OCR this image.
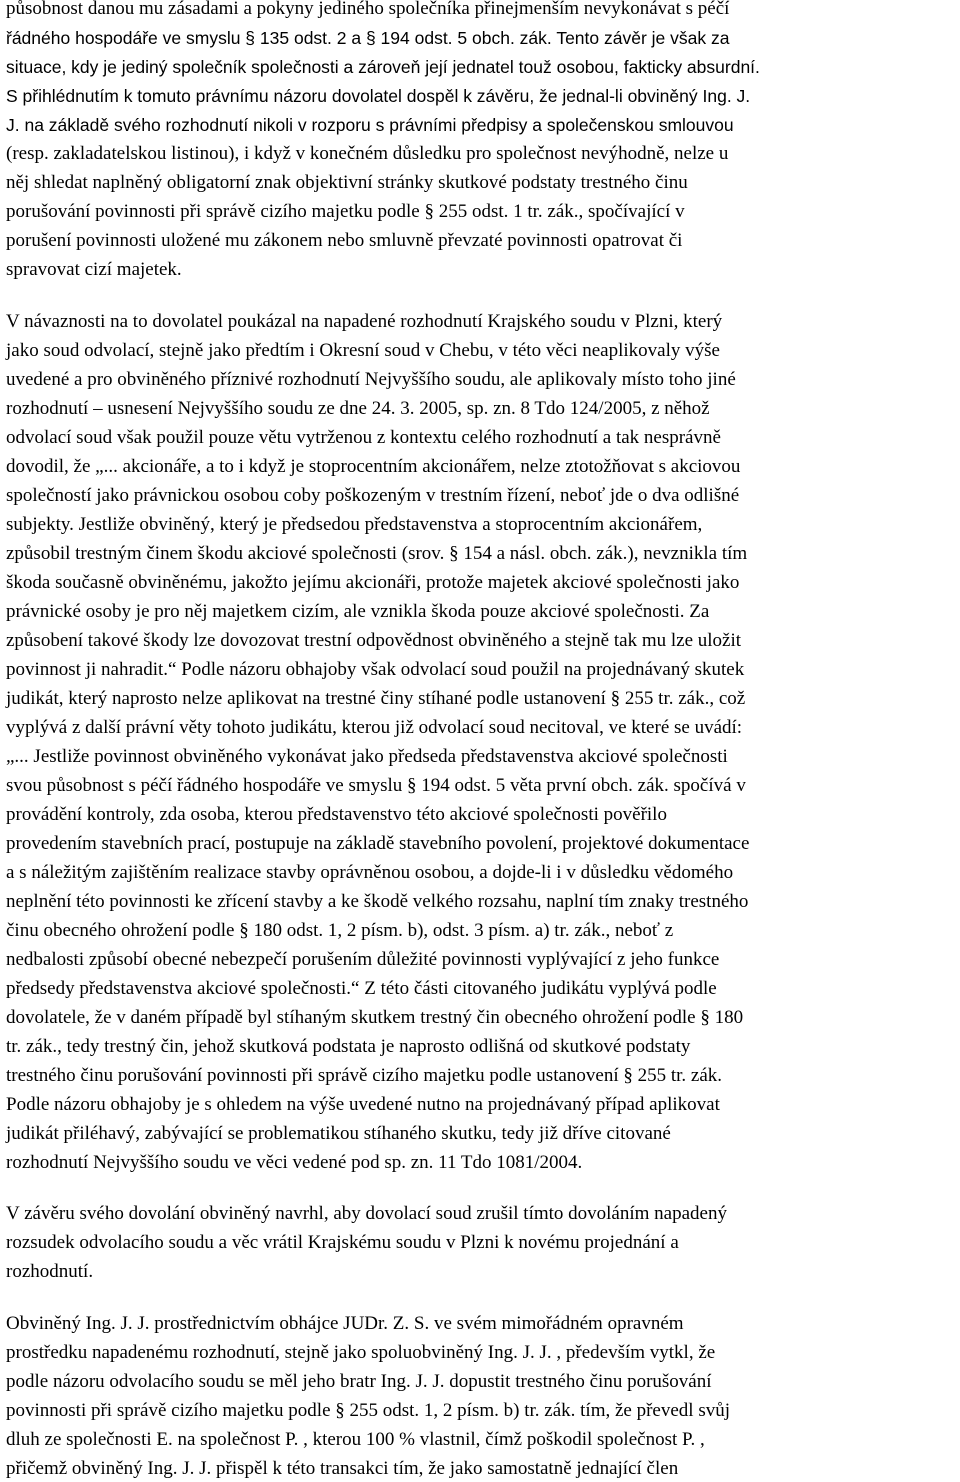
působnost danou mu zásadami a pokyny jediného společníka přinejmenším nevykonávat s péčí
řádného hospodáře ve smyslu § 135 odst. 2 a § 194 odst. 5 obch. zák. Tento závěr je však za
situace, kdy je jediný společník společnosti a zároveň její jednatel touž osobou, fakticky absurdní.
S přihlédnutím k tomuto právnímu názoru dovolatel dospěl k závěru, že jednal-li obviněný Ing. J.
J. na základě svého rozhodnutí nikoli v rozporu s právními předpisy a společenskou smlouvou
(resp. zakladatelskou listinou), i když v konečném důsledku pro společnost nevýhodně, nelze u
něj shledat naplněný obligatorní znak objektivní stránky skutkové podstaty trestného činu
porušování povinnosti při správě cizího majetku podle § 255 odst. 1 tr. zák., spočívající v
porušení povinnosti uložené mu zákonem nebo smluvně převzaté povinnosti opatrovat či
spravovat cizí majetek.
V návaznosti na to dovolatel poukázal na napadené rozhodnutí Krajského soudu v Plzni, který
jako soud odvolací, stejně jako předtím i Okresní soud v Chebu, v této věci neaplikovaly výše
uvedené a pro obviněného příznivé rozhodnutí Nejvyššího soudu, ale aplikovaly místo toho jiné
rozhodnutí – usnesení Nejvyššího soudu ze dne 24. 3. 2005, sp. zn. 8 Tdo 124/2005, z něhož
odvolací soud však použil pouze větu vytrženou z kontextu celého rozhodnutí a tak nesprávně
dovodil, že „... akcionáře, a to i když je stoprocentním akcionářem, nelze ztotožňovat s akciovou
společností jako právnickou osobou coby poškozeným v trestním řízení, neboť jde o dva odlišné
subjekty. Jestliže obviněný, který je předsedou představenstva a stoprocentním akcionářem,
způsobil trestným činem škodu akciové společnosti (srov. § 154 a násl. obch. zák.), nevznikla tím
škoda současně obviněnému, jakožto jejímu akcionáři, protože majetek akciové společnosti jako
právnické osoby je pro něj majetkem cizím, ale vznikla škoda pouze akciové společnosti. Za
způsobení takové škody lze dovozovat trestní odpovědnost obviněného a stejně tak mu lze uložit
povinnost ji nahradit.“ Podle názoru obhajoby však odvolací soud použil na projednávaný skutek
judikát, který naprosto nelze aplikovat na trestné činy stíhané podle ustanovení § 255 tr. zák., což
vyplývá z další právní věty tohoto judikátu, kterou již odvolací soud necitoval, ve které se uvádí:
„... Jestliže povinnost obviněného vykonávat jako předseda představenstva akciové společnosti
svou působnost s péčí řádného hospodáře ve smyslu § 194 odst. 5 věta první obch. zák. spočívá v
provádění kontroly, zda osoba, kterou představenstvo této akciové společnosti pověřilo
provedením stavebních prací, postupuje na základě stavebního povolení, projektové dokumentace
a s náležitým zajištěním realizace stavby oprávněnou osobou, a dojde-li i v důsledku vědomého
neplnění této povinnosti ke zřícení stavby a ke škodě velkého rozsahu, naplní tím znaky trestného
činu obecného ohrožení podle § 180 odst. 1, 2 písm. b), odst. 3 písm. a) tr. zák., neboť z
nedbalosti způsobí obecné nebezpečí porušením důležité povinnosti vyplývající z jeho funkce
předsedy představenstva akciové společnosti.“ Z této části citovaného judikátu vyplývá podle
dovolatele, že v daném případě byl stíhaným skutkem trestný čin obecného ohrožení podle § 180
tr. zák., tedy trestný čin, jehož skutková podstata je naprosto odlišná od skutkové podstaty
trestného činu porušování povinnosti při správě cizího majetku podle ustanovení § 255 tr. zák.
Podle názoru obhajoby je s ohledem na výše uvedené nutno na projednávaný případ aplikovat
judikát přiléhavý, zabývající se problematikou stíhaného skutku, tedy již dříve citované
rozhodnutí Nejvyššího soudu ve věci vedené pod sp. zn. 11 Tdo 1081/2004.
V závěru svého dovolání obviněný navrhl, aby dovolací soud zrušil tímto dovoláním napadený
rozsudek odvolacího soudu a věc vrátil Krajskému soudu v Plzni k novému projednání a
rozhodnutí.
Obviněný Ing. J. J. prostřednictvím obhájce JUDr. Z. S. ve svém mimořádném opravném
prostředku napadenému rozhodnutí, stejně jako spoluobviněný Ing. J. J. , především vytkl, že
podle názoru odvolacího soudu se měl jeho bratr Ing. J. J. dopustit trestného činu porušování
povinnosti při správě cizího majetku podle § 255 odst. 1, 2 písm. b) tr. zák. tím, že převedl svůj
dluh ze společnosti E. na společnost P. , kterou 100 % vlastnil, čímž poškodil společnost P. ,
přičemž obviněný Ing. J. J. přispěl k této transakci tím, že jako samostatně jednající člen
